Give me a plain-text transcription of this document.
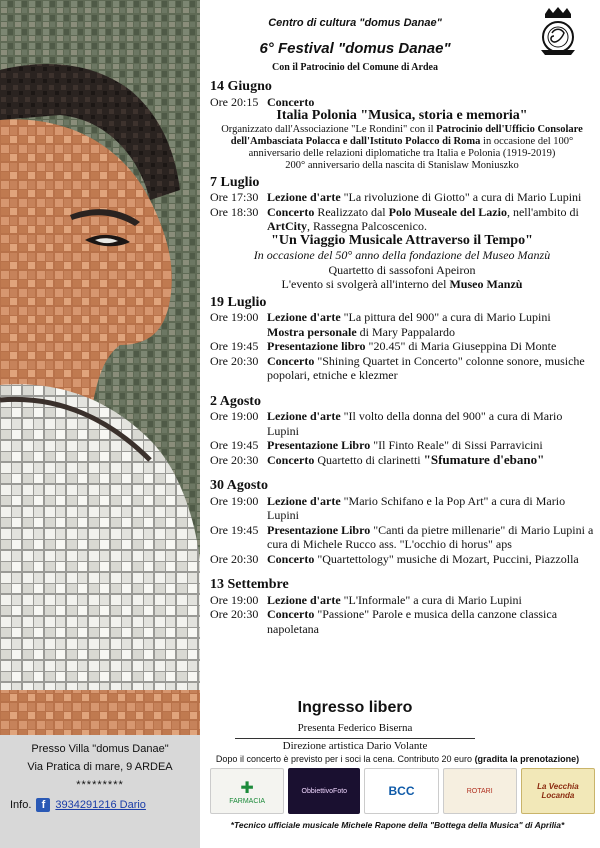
Presso Villa "domus Danae"
Via Pratica di mare, 9 ARDEA
*********
Info. f 3934291216 Dario
Centro di cultura "domus Danae"
6° Festival "domus Danae"
Con il Patrocinio del Comune di Ardea
14 Giugno
Ore 20:15 Concerto
Italia Polonia "Musica, storia e memoria"
Organizzato dall'Associazione "Le Rondini" con il Patrocinio dell'Ufficio Consolare dell'Ambasciata Polacca e dall'Istituto Polacco di Roma in occasione del 100° anniversario delle relazioni diplomatiche tra Italia e Polonia (1919-2019)
200° anniversario della nascita di Stanislaw Moniuszko
7 Luglio
Ore 17:30 Lezione d'arte "La rivoluzione di Giotto" a cura di Mario Lupini
Ore 18:30 Concerto Realizzato dal Polo Museale del Lazio, nell'ambito di ArtCity, Rassegna Palcoscenico.
"Un Viaggio Musicale Attraverso il Tempo"
In occasione del 50° anno della fondazione del Museo Manzù
Quartetto di sassofoni Apeiron
L'evento si svolgerà all'interno del Museo Manzù
19 Luglio
Ore 19:00 Lezione d'arte "La pittura del 900" a cura di Mario Lupini
Mostra personale di Mary Pappalardo
Ore 19:45 Presentazione libro "20.45" di Maria Giuseppina Di Monte
Ore 20:30 Concerto "Shining Quartet in Concerto" colonne sonore, musiche popolari, etniche e klezmer
2 Agosto
Ore 19:00 Lezione d'arte "Il volto della donna del 900" a cura di Mario Lupini
Ore 19:45 Presentazione Libro "Il Finto Reale" di Sissi Parravicini
Ore 20:30 Concerto Quartetto di clarinetti "Sfumature d'ebano"
30 Agosto
Ore 19:00 Lezione d'arte "Mario Schifano e la Pop Art" a cura di Mario Lupini
Ore 19:45 Presentazione Libro "Canti da pietre millenarie" di Mario Lupini a cura di Michele Rucco ass. "L'occhio di horus" aps
Ore 20:30 Concerto "Quartettology" musiche di Mozart, Puccini, Piazzolla
13 Settembre
Ore 19:00 Lezione d'arte "L'Informale" a cura di Mario Lupini
Ore 20:30 Concerto "Passione" Parole e musica della canzone classica napoletana
Ingresso libero
Presenta Federico Biserna
Direzione artistica Dario Volante
Dopo il concerto è previsto per i soci la cena. Contributo 20 euro (gradita la prenotazione)
✚
FARMACIA
ObbiettivoFoto	BCC	ROTARI	La Vecchia Locanda
*Tecnico ufficiale musicale Michele Rapone della "Bottega della Musica" di Aprilia*
